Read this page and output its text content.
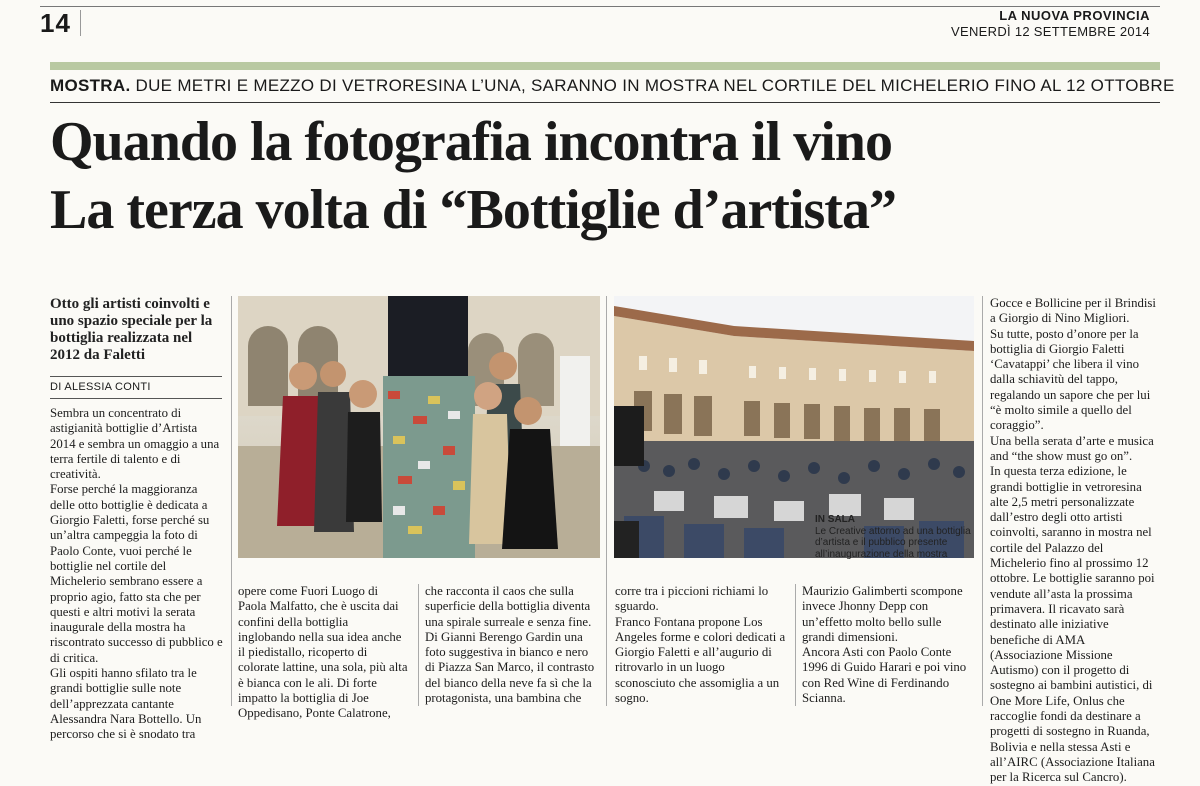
14	LA NUOVA PROVINCIA
VENERDÌ 12 SETTEMBRE 2014
MOSTRA. DUE METRI E MEZZO DI VETRORESINA L’UNA, SARANNO IN MOSTRA NEL CORTILE DEL MICHELERIO FINO AL 12 OTTOBRE
Quando la fotografia incontra il vino
La terza volta di “Bottiglie d’artista”
Otto gli artisti coinvolti e uno spazio speciale per la bottiglia realizzata nel 2012 da Faletti
DI ALESSIA CONTI

Sembra un concentrato di astigianità bottiglie d’Artista 2014 e sembra un omaggio a una terra fertile di talento e di creatività.

Forse perché la maggioranza delle otto bottiglie è dedicata a Giorgio Faletti, forse perché su un’altra campeggia la foto di Paolo Conte, vuoi perché le bottiglie nel cortile del Michelerio sembrano essere a proprio agio, fatto sta che per questi e altri motivi la serata inaugurale della mostra ha riscontrato successo di pubblico e di critica.

Gli ospiti hanno sfilato tra le grandi bottiglie sulle note dell’apprezzata cantante Alessandra Nara Bottello. Un percorso che si è snodato tra

IN SALA
Le Creative attorno ad una bottiglia d’artista e il pubblico presente all’inaugurazione della mostra

opere come Fuori Luogo di Paola Malfatto, che è uscita dai confini della bottiglia inglobando nella sua idea anche il piedistallo, ricoperto di colorate lattine, una sola, più alta è bianca con le ali. Di forte impatto la bottiglia di Joe Oppedisano, Ponte Calatrone,

che racconta il caos che sulla superficie della bottiglia diventa una spirale surreale e senza fine. Di Gianni Berengo Gardin una foto suggestiva in bianco e nero di Piazza San Marco, il contrasto del bianco della neve fa sì che la protagonista, una bambina che

corre tra i piccioni richiami lo sguardo.

Franco Fontana propone Los Angeles forme e colori dedicati a Giorgio Faletti e all’augurio di ritrovarlo in un luogo sconosciuto che assomiglia a un sogno.

Maurizio Galimberti scompone invece Jhonny Depp con un’effetto molto bello sulle grandi dimensioni.

Ancora Asti con Paolo Conte 1996 di Guido Harari e poi vino con Red Wine di Ferdinando Scianna.

Gocce e Bollicine per il Brindisi a Giorgio di Nino Migliori.

Su tutte, posto d’onore per la bottiglia di Giorgio Faletti ‘Cavatappi’ che libera il vino dalla schiavitù del tappo, regalando un sapore che per lui “è molto simile a quello del coraggio”.

Una bella serata d’arte e musica and “the show must go on”.

In questa terza edizione, le grandi bottiglie in vetroresina alte 2,5 metri personalizzate dall’estro degli otto artisti coinvolti, saranno in mostra nel cortile del Palazzo del Michelerio fino al prossimo 12 ottobre. Le bottiglie saranno poi vendute all’asta la prossima primavera. Il ricavato sarà destinato alle iniziative benefiche di AMA (Associazione Missione Autismo) con il progetto di sostegno ai bambini autistici, di One More Life, Onlus che raccoglie fondi da destinare a progetti di sostegno in Ruanda, Bolivia e nella stessa Asti e all’AIRC (Associazione Italiana per la Ricerca sul Cancro).
